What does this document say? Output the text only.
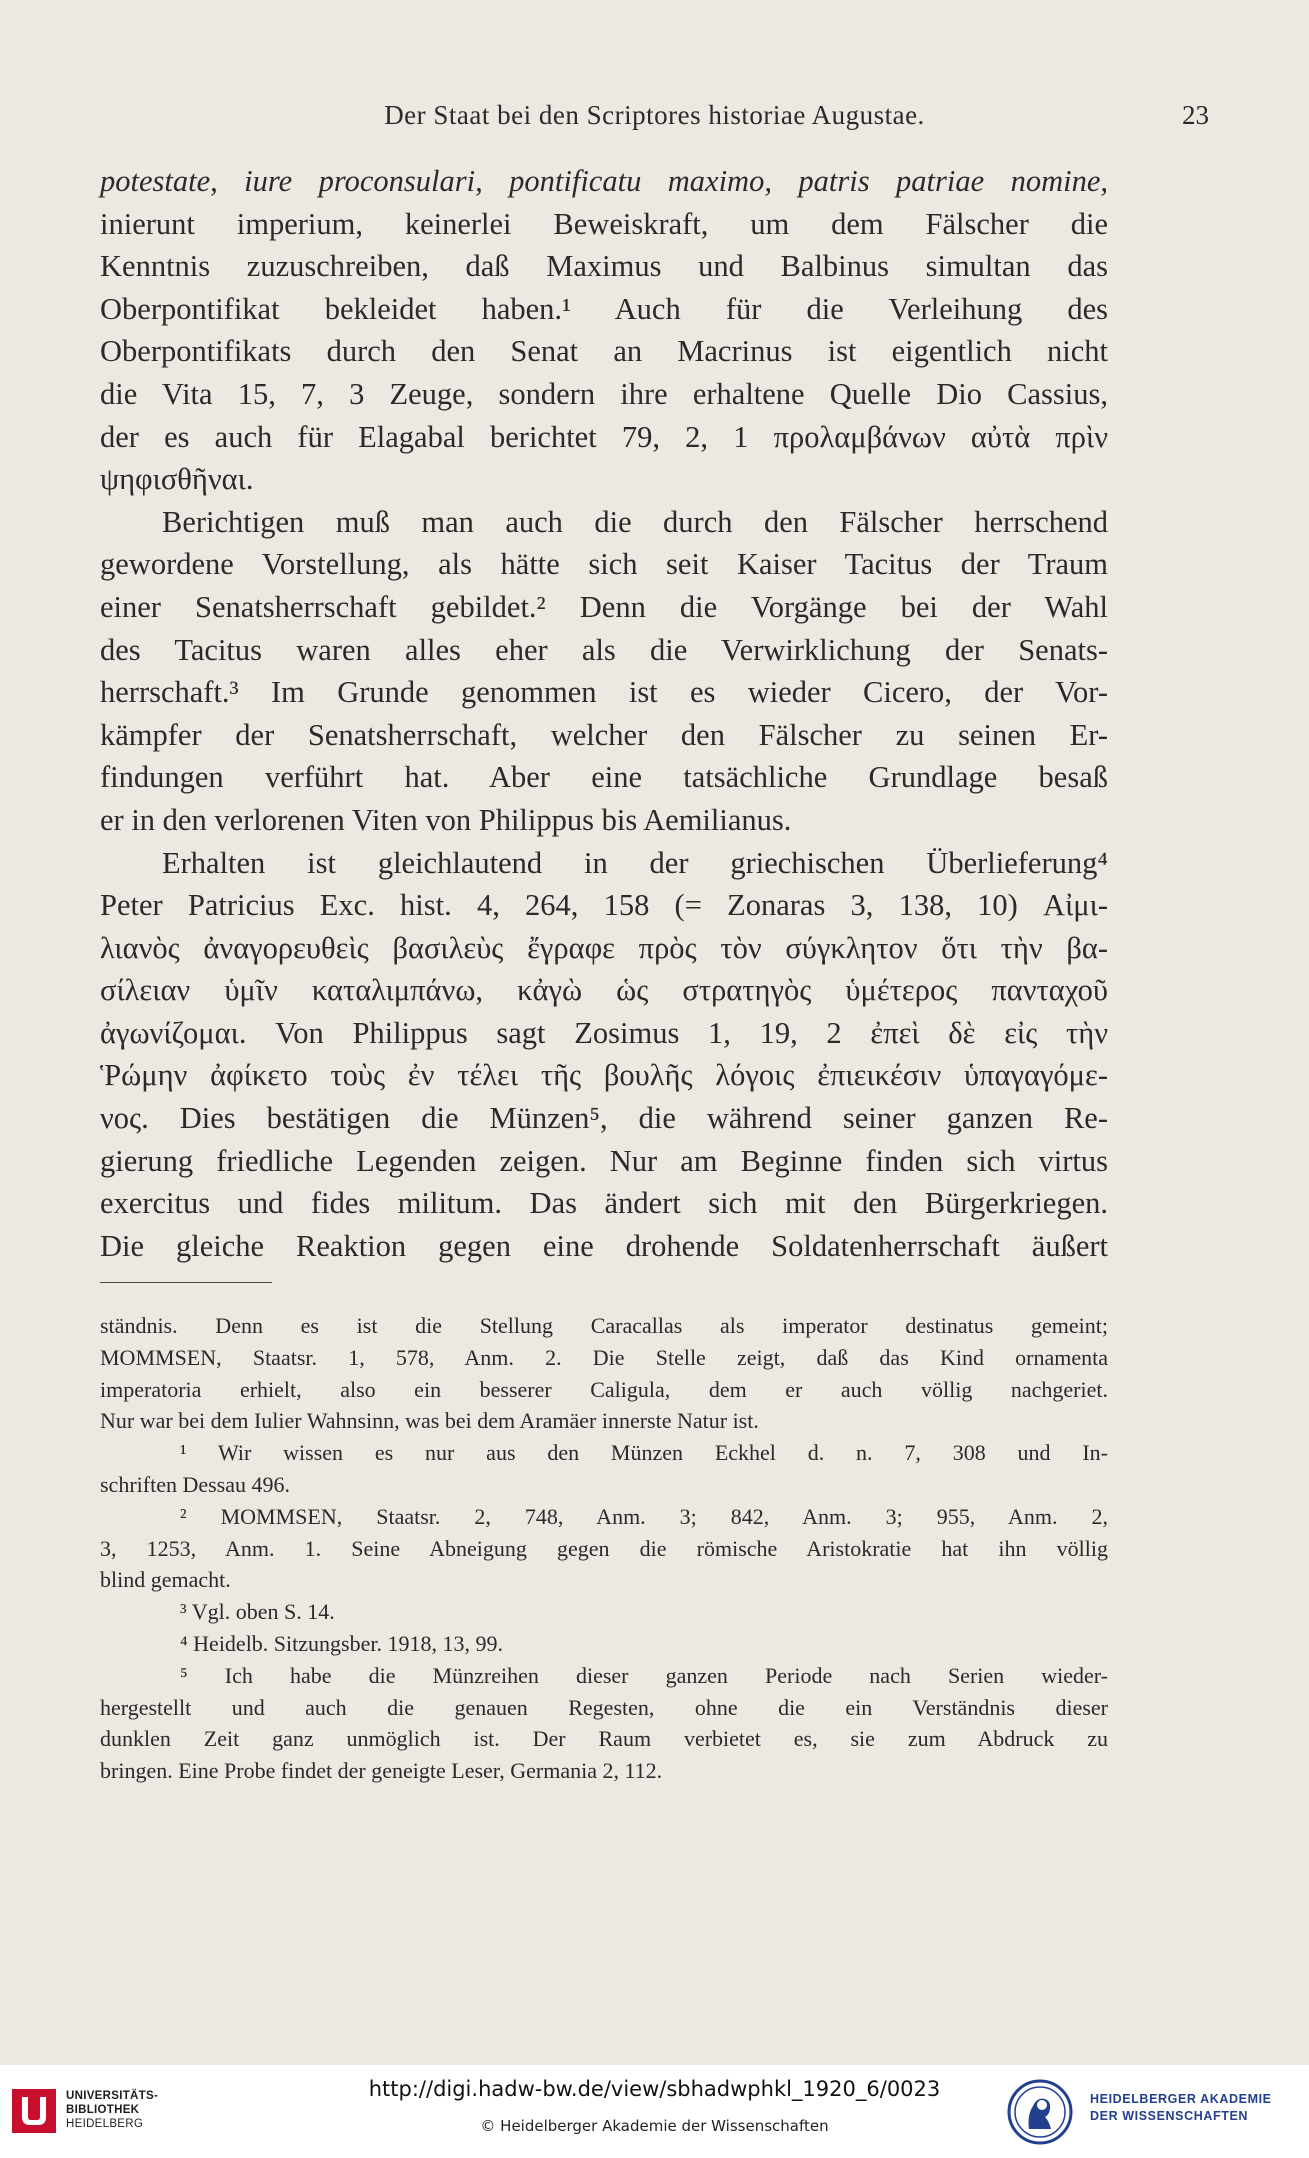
Der Staat bei den Scriptores historiae Augustae.	23
potestate, iure proconsulari, pontificatu maximo, patris patriae nomine,
inierunt imperium, keinerlei Beweiskraft, um dem Fälscher die
Kenntnis zuzuschreiben, daß Maximus und Balbinus simultan das
Oberpontifikat bekleidet haben.¹ Auch für die Verleihung des
Oberpontifikats durch den Senat an Macrinus ist eigentlich nicht
die Vita 15, 7, 3 Zeuge, sondern ihre erhaltene Quelle Dio Cassius,
der es auch für Elagabal berichtet 79, 2, 1 προλαμβάνων αὐτὰ πρὶν
ψηφισθῆναι.
Berichtigen muß man auch die durch den Fälscher herrschend
gewordene Vorstellung, als hätte sich seit Kaiser Tacitus der Traum
einer Senatsherrschaft gebildet.² Denn die Vorgänge bei der Wahl
des Tacitus waren alles eher als die Verwirklichung der Senats-
herrschaft.³ Im Grunde genommen ist es wieder Cicero, der Vor-
kämpfer der Senatsherrschaft, welcher den Fälscher zu seinen Er-
findungen verführt hat. Aber eine tatsächliche Grundlage besaß
er in den verlorenen Viten von Philippus bis Aemilianus.
Erhalten ist gleichlautend in der griechischen Überlieferung⁴
Peter Patricius Exc. hist. 4, 264, 158 (= Zonaras 3, 138, 10) Αἰμι-
λιανὸς ἀναγορευθεὶς βασιλεὺς ἔγραφε πρὸς τὸν σύγκλητον ὅτι τὴν βα-
σίλειαν ὑμῖν καταλιμπάνω, κἀγὼ ὡς στρατηγὸς ὑμέτερος πανταχοῦ
ἀγωνίζομαι. Von Philippus sagt Zosimus 1, 19, 2 ἐπεὶ δὲ εἰς τὴν
Ῥώμην ἀφίκετο τοὺς ἐν τέλει τῆς βουλῆς λόγοις ἐπιεικέσιν ὑπαγαγόμε-
νος. Dies bestätigen die Münzen⁵, die während seiner ganzen Re-
gierung friedliche Legenden zeigen. Nur am Beginne finden sich virtus
exercitus und fides militum. Das ändert sich mit den Bürgerkriegen.
Die gleiche Reaktion gegen eine drohende Soldatenherrschaft äußert
ständnis. Denn es ist die Stellung Caracallas als imperator destinatus gemeint;
MOMMSEN, Staatsr. 1, 578, Anm. 2. Die Stelle zeigt, daß das Kind ornamenta
imperatoria erhielt, also ein besserer Caligula, dem er auch völlig nachgeriet.
Nur war bei dem Iulier Wahnsinn, was bei dem Aramäer innerste Natur ist.
¹ Wir wissen es nur aus den Münzen Eckhel d. n. 7, 308 und In-
schriften Dessau 496.
² MOMMSEN, Staatsr. 2, 748, Anm. 3; 842, Anm. 3; 955, Anm. 2,
3, 1253, Anm. 1. Seine Abneigung gegen die römische Aristokratie hat ihn völlig
blind gemacht.
³ Vgl. oben S. 14.
⁴ Heidelb. Sitzungsber. 1918, 13, 99.
⁵ Ich habe die Münzreihen dieser ganzen Periode nach Serien wieder-
hergestellt und auch die genauen Regesten, ohne die ein Verständnis dieser
dunklen Zeit ganz unmöglich ist. Der Raum verbietet es, sie zum Abdruck zu
bringen. Eine Probe findet der geneigte Leser, Germania 2, 112.
UNIVERSITÄTS-
BIBLIOTHEK
HEIDELBERG
http://digi.hadw-bw.de/view/sbhadwphkl_1920_6/0023
© Heidelberger Akademie der Wissenschaften
HEIDELBERGER AKADEMIE
DER WISSENSCHAFTEN
